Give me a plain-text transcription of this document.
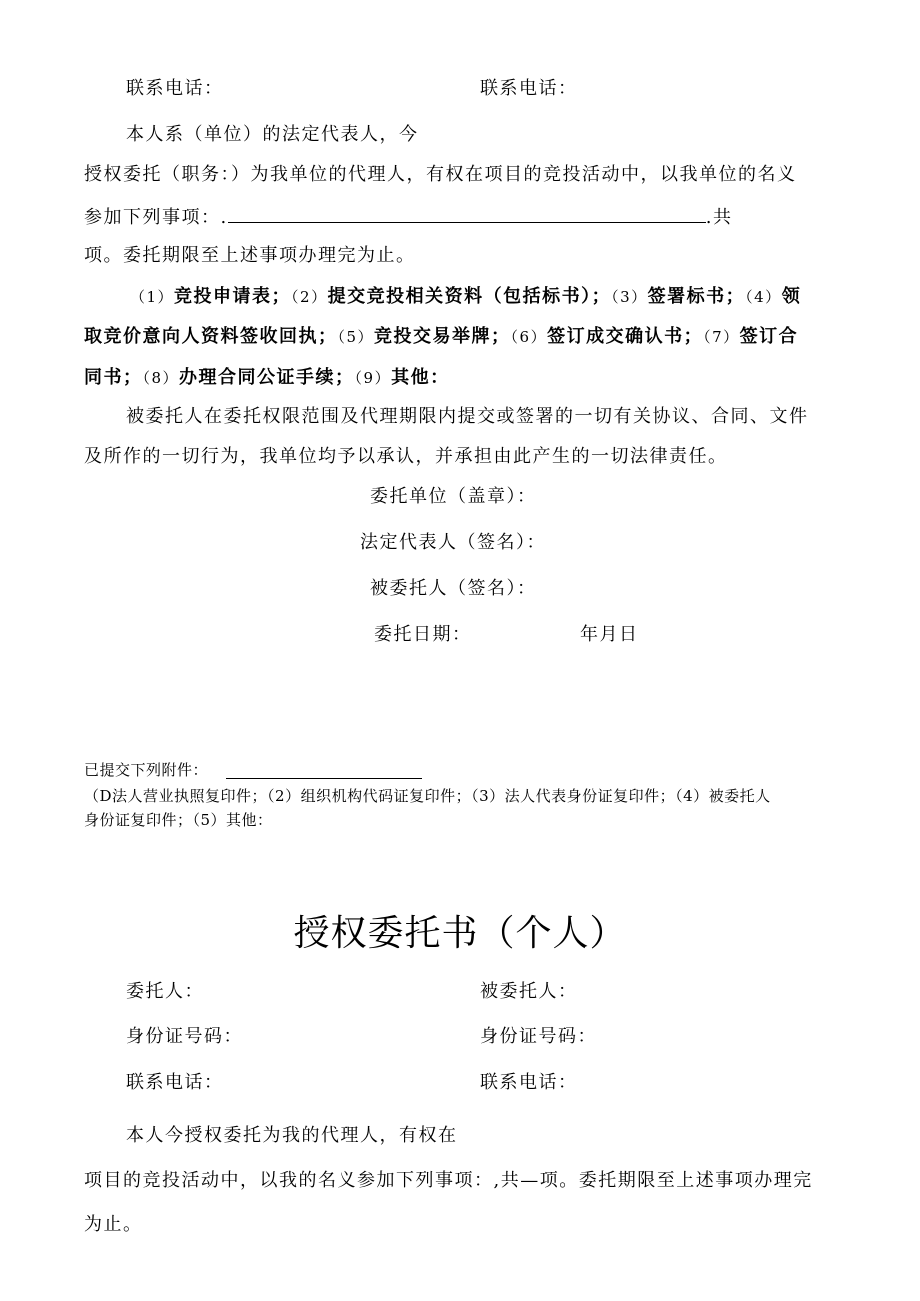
联系电话：	联系电话：
本人系（单位）的法定代表人，今
授权委托（职务：）为我单位的代理人，有权在项目的竞投活动中，以我单位的名义
参加下列事项：.	.共
项。委托期限至上述事项办理完为止。
（1）竞投申请表；（2）提交竞投相关资料（包括标书）；（3）签署标书；（4）领
取竞价意向人资料签收回执；（5）竞投交易举牌；（6）签订成交确认书；（7）签订合
同书；（8）办理合同公证手续；（9）其他：
被委托人在委托权限范围及代理期限内提交或签署的一切有关协议、合同、文件
及所作的一切行为，我单位均予以承认，并承担由此产生的一切法律责任。
委托单位（盖章）：
法定代表人（签名）：
被委托人（签名）：
委托日期：	年月日
已提交下列附件：
（D法人营业执照复印件；（2）组织机构代码证复印件；（3）法人代表身份证复印件；（4）被委托人
身份证复印件；（5）其他：
授权委托书（个人）
委托人：	被委托人：
身份证号码：	身份证号码：
联系电话：	联系电话：
本人今授权委托为我的代理人，有权在
项目的竞投活动中，以我的名义参加下列事项：,共—项。委托期限至上述事项办理完
为止。
